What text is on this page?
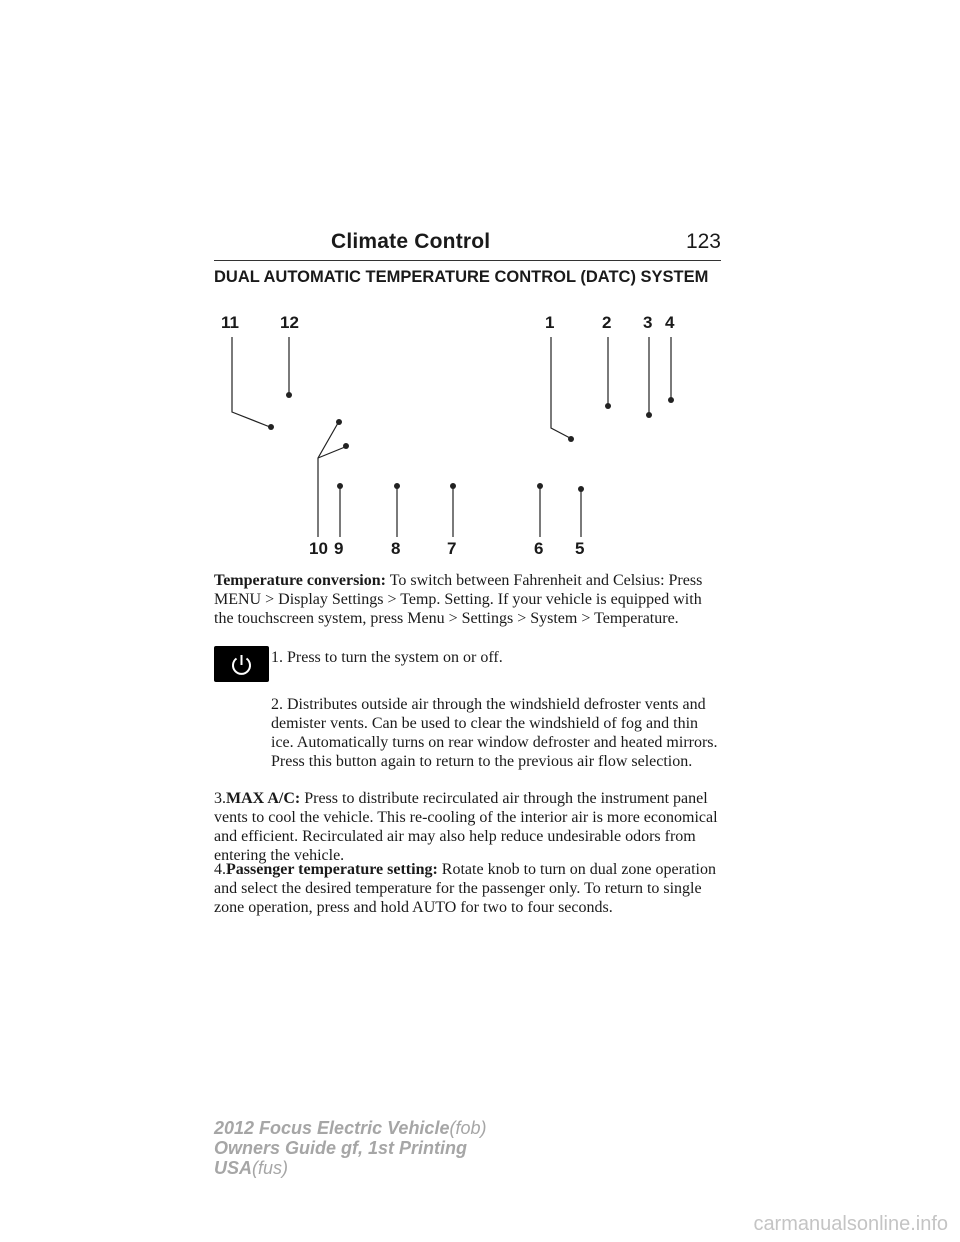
Climate Control	123
DUAL AUTOMATIC TEMPERATURE CONTROL (DATC) SYSTEM
11 12	1	2 3 4
10 9	8	7	6 5

Temperature conversion: To switch between Fahrenheit and Celsius: Press MENU > Display Settings > Temp. Setting. If your vehicle is equipped with the touchscreen system, press Menu > Settings > System > Temperature.

1. Press to turn the system on or off.

2. Distributes outside air through the windshield defroster vents and demister vents. Can be used to clear the windshield of fog and thin ice. Automatically turns on rear window defroster and heated mirrors. Press this button again to return to the previous air flow selection.

3.MAX A/C: Press to distribute recirculated air through the instrument panel vents to cool the vehicle. This re-cooling of the interior air is more economical and efficient. Recirculated air may also help reduce undesirable odors from entering the vehicle.

4.Passenger temperature setting: Rotate knob to turn on dual zone operation and select the desired temperature for the passenger only. To return to single zone operation, press and hold AUTO for two to four seconds.

2012 Focus Electric Vehicle(fob)
Owners Guide gf, 1st Printing
USA(fus)
carmanualsonline.info
